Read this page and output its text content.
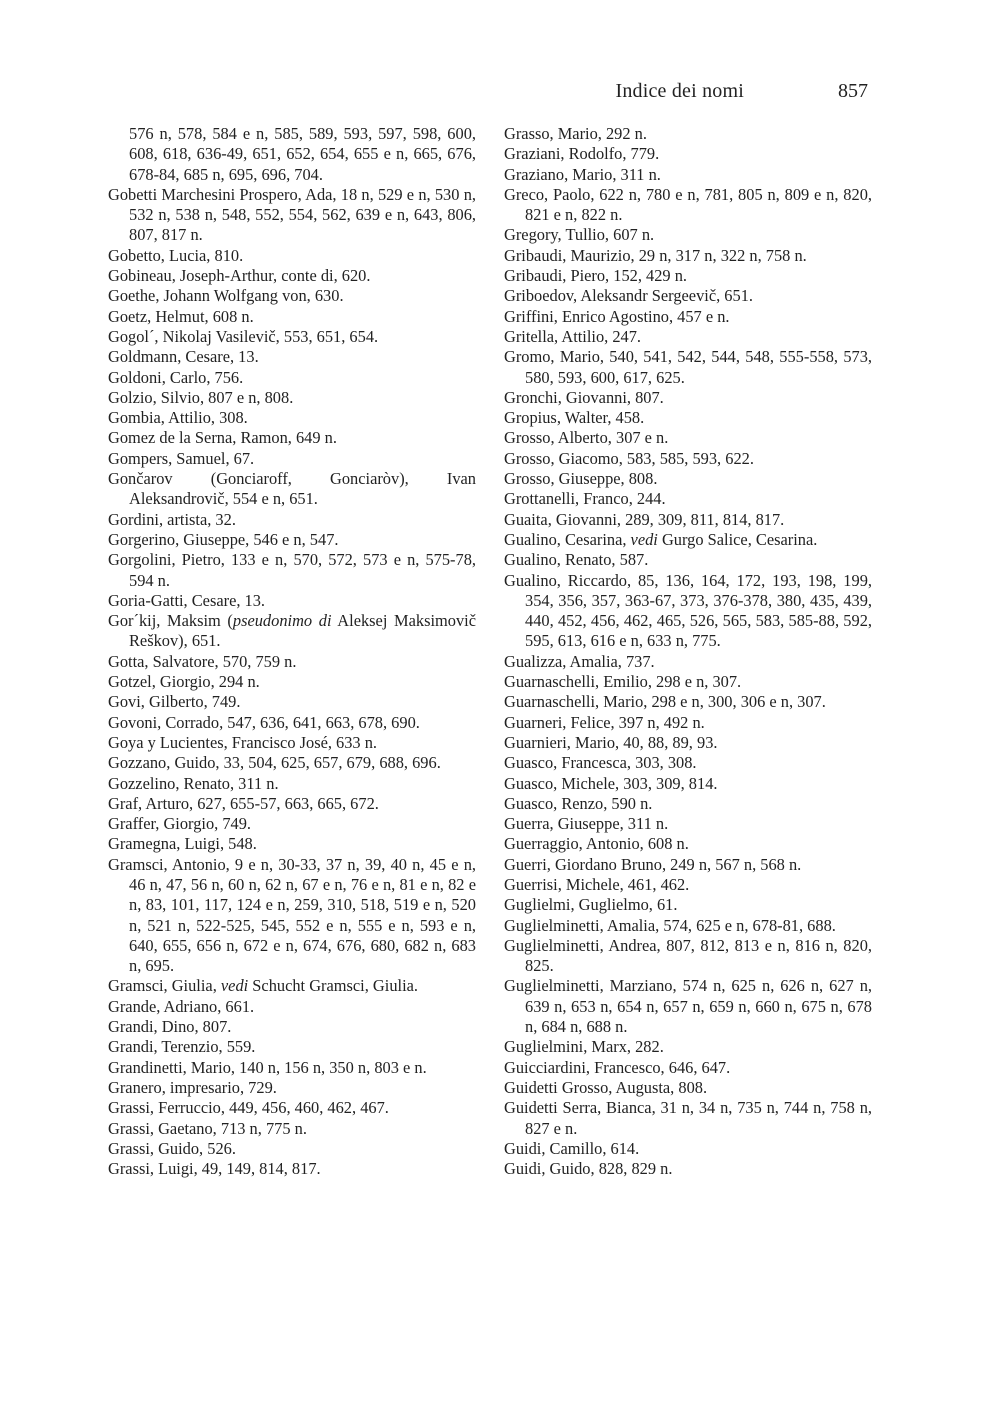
Indice dei nomi	857

576 n, 578, 584 e n, 585, 589, 593, 597, 598, 600, 608, 618, 636-49, 651, 652, 654, 655 e n, 665, 676, 678-84, 685 n, 695, 696, 704.

Gobetti Marchesini Prospero, Ada, 18 n, 529 e n, 530 n, 532 n, 538 n, 548, 552, 554, 562, 639 e n, 643, 806, 807, 817 n.

Gobetto, Lucia, 810.

Gobineau, Joseph-Arthur, conte di, 620.

Goethe, Johann Wolfgang von, 630.

Goetz, Helmut, 608 n.

Gogol´, Nikolaj Vasilevič, 553, 651, 654.

Goldmann, Cesare, 13.

Goldoni, Carlo, 756.

Golzio, Silvio, 807 e n, 808.

Gombia, Attilio, 308.

Gomez de la Serna, Ramon, 649 n.

Gompers, Samuel, 67.

Gončarov (Gonciaroff, Gonciaròv), Ivan Aleksandrovič, 554 e n, 651.

Gordini, artista, 32.

Gorgerino, Giuseppe, 546 e n, 547.

Gorgolini, Pietro, 133 e n, 570, 572, 573 e n, 575-78, 594 n.

Goria-Gatti, Cesare, 13.

Gor´kij, Maksim (pseudonimo di Aleksej Maksimovič Reškov), 651.

Gotta, Salvatore, 570, 759 n.

Gotzel, Giorgio, 294 n.

Govi, Gilberto, 749.

Govoni, Corrado, 547, 636, 641, 663, 678, 690.

Goya y Lucientes, Francisco José, 633 n.

Gozzano, Guido, 33, 504, 625, 657, 679, 688, 696.

Gozzelino, Renato, 311 n.

Graf, Arturo, 627, 655-57, 663, 665, 672.

Graffer, Giorgio, 749.

Gramegna, Luigi, 548.

Gramsci, Antonio, 9 e n, 30-33, 37 n, 39, 40 n, 45 e n, 46 n, 47, 56 n, 60 n, 62 n, 67 e n, 76 e n, 81 e n, 82 e n, 83, 101, 117, 124 e n, 259, 310, 518, 519 e n, 520 n, 521 n, 522-525, 545, 552 e n, 555 e n, 593 e n, 640, 655, 656 n, 672 e n, 674, 676, 680, 682 n, 683 n, 695.

Gramsci, Giulia, vedi Schucht Gramsci, Giulia.

Grande, Adriano, 661.

Grandi, Dino, 807.

Grandi, Terenzio, 559.

Grandinetti, Mario, 140 n, 156 n, 350 n, 803 e n.

Granero, impresario, 729.

Grassi, Ferruccio, 449, 456, 460, 462, 467.

Grassi, Gaetano, 713 n, 775 n.

Grassi, Guido, 526.

Grassi, Luigi, 49, 149, 814, 817.

Grasso, Mario, 292 n.

Graziani, Rodolfo, 779.

Graziano, Mario, 311 n.

Greco, Paolo, 622 n, 780 e n, 781, 805 n, 809 e n, 820, 821 e n, 822 n.

Gregory, Tullio, 607 n.

Gribaudi, Maurizio, 29 n, 317 n, 322 n, 758 n.

Gribaudi, Piero, 152, 429 n.

Griboedov, Aleksandr Sergeevič, 651.

Griffini, Enrico Agostino, 457 e n.

Gritella, Attilio, 247.

Gromo, Mario, 540, 541, 542, 544, 548, 555-558, 573, 580, 593, 600, 617, 625.

Gronchi, Giovanni, 807.

Gropius, Walter, 458.

Grosso, Alberto, 307 e n.

Grosso, Giacomo, 583, 585, 593, 622.

Grosso, Giuseppe, 808.

Grottanelli, Franco, 244.

Guaita, Giovanni, 289, 309, 811, 814, 817.

Gualino, Cesarina, vedi Gurgo Salice, Cesarina.

Gualino, Renato, 587.

Gualino, Riccardo, 85, 136, 164, 172, 193, 198, 199, 354, 356, 357, 363-67, 373, 376-378, 380, 435, 439, 440, 452, 456, 462, 465, 526, 565, 583, 585-88, 592, 595, 613, 616 e n, 633 n, 775.

Gualizza, Amalia, 737.

Guarnaschelli, Emilio, 298 e n, 307.

Guarnaschelli, Mario, 298 e n, 300, 306 e n, 307.

Guarneri, Felice, 397 n, 492 n.

Guarnieri, Mario, 40, 88, 89, 93.

Guasco, Francesca, 303, 308.

Guasco, Michele, 303, 309, 814.

Guasco, Renzo, 590 n.

Guerra, Giuseppe, 311 n.

Guerraggio, Antonio, 608 n.

Guerri, Giordano Bruno, 249 n, 567 n, 568 n.

Guerrisi, Michele, 461, 462.

Guglielmi, Guglielmo, 61.

Guglielminetti, Amalia, 574, 625 e n, 678-81, 688.

Guglielminetti, Andrea, 807, 812, 813 e n, 816 n, 820, 825.

Guglielminetti, Marziano, 574 n, 625 n, 626 n, 627 n, 639 n, 653 n, 654 n, 657 n, 659 n, 660 n, 675 n, 678 n, 684 n, 688 n.

Guglielmini, Marx, 282.

Guicciardini, Francesco, 646, 647.

Guidetti Grosso, Augusta, 808.

Guidetti Serra, Bianca, 31 n, 34 n, 735 n, 744 n, 758 n, 827 e n.

Guidi, Camillo, 614.

Guidi, Guido, 828, 829 n.
